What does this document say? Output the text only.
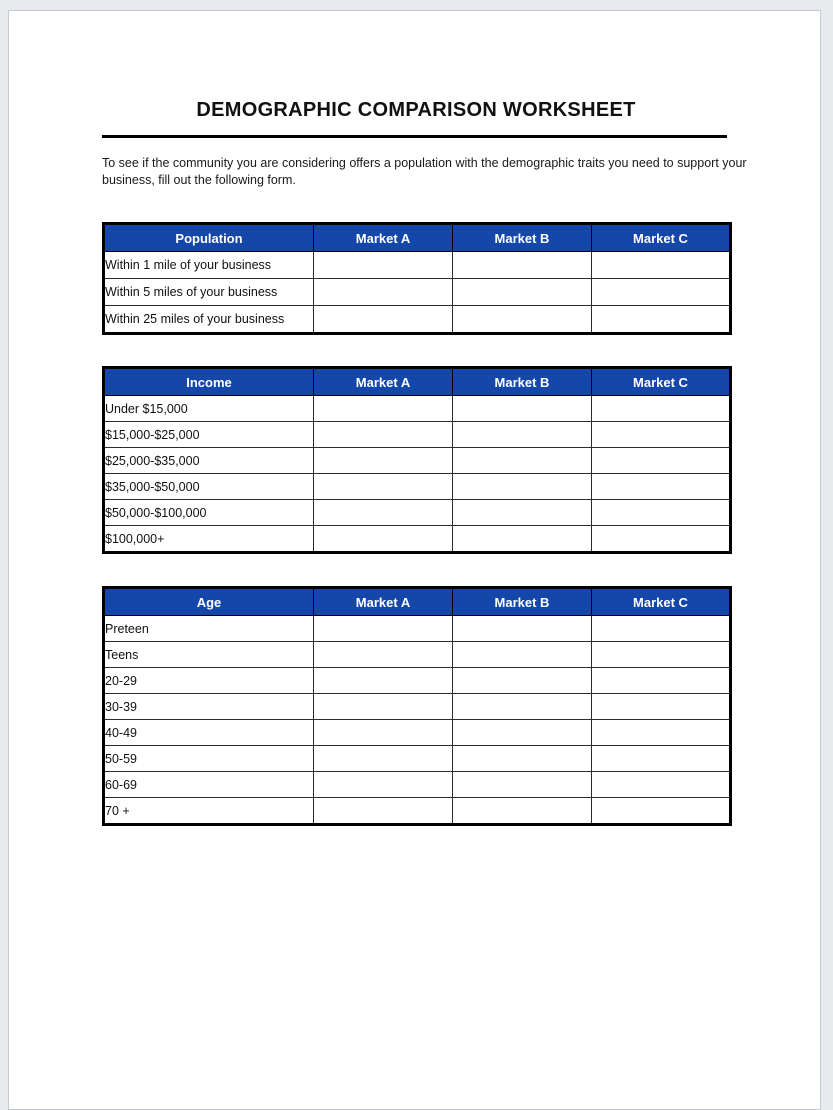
DEMOGRAPHIC COMPARISON WORKSHEET

To see if the community you are considering offers a population with the demographic traits you need to support your business, fill out the following form.

Population	Market A	Market B	Market C
Within 1 mile of your business			
Within 5 miles of your business			
Within 25 miles of your business			
Income	Market A	Market B	Market C
Under $15,000			
$15,000-$25,000			
$25,000-$35,000			
$35,000-$50,000			
$50,000-$100,000			
$100,000+			
Age	Market A	Market B	Market C
Preteen			
Teens			
20-29			
30-39			
40-49			
50-59			
60-69			
70 +			
